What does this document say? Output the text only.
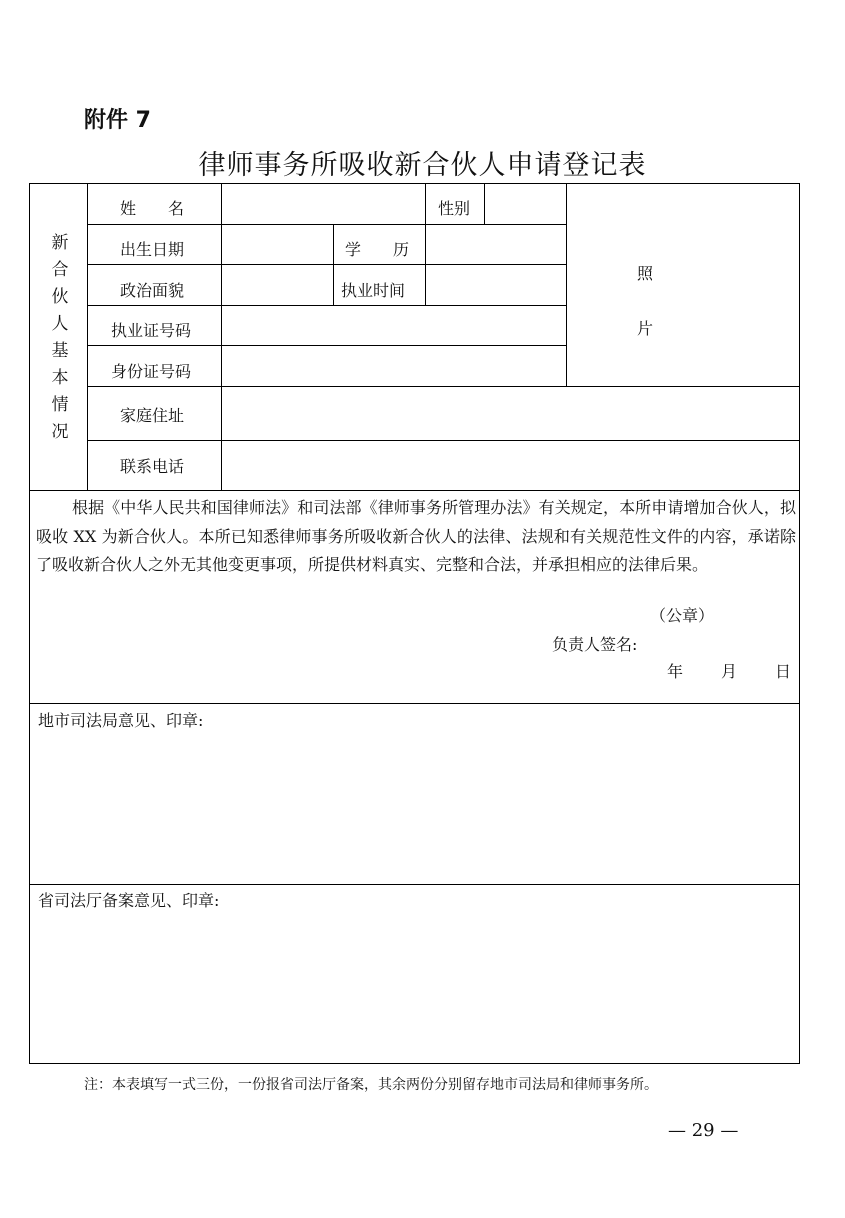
附件 7
律师事务所吸收新合伙人申请登记表
新
合
伙
人
基
本
情
况
姓　　名	性别
出生日期	学　　历
政治面貌	执业时间
执业证号码
身份证号码
家庭住址
联系电话
照
片
根据《中华人民共和国律师法》和司法部《律师事务所管理办法》有关规定，本所申请增加合伙人，拟吸收 XX 为新合伙人。本所已知悉律师事务所吸收新合伙人的法律、法规和有关规范性文件的内容，承诺除了吸收新合伙人之外无其他变更事项，所提供材料真实、完整和合法，并承担相应的法律后果。
（公章）
负责人签名:
年 月 日
地市司法局意见、印章:
省司法厅备案意见、印章:
注：本表填写一式三份，一份报省司法厅备案，其余两份分别留存地市司法局和律师事务所。
— 29 —
